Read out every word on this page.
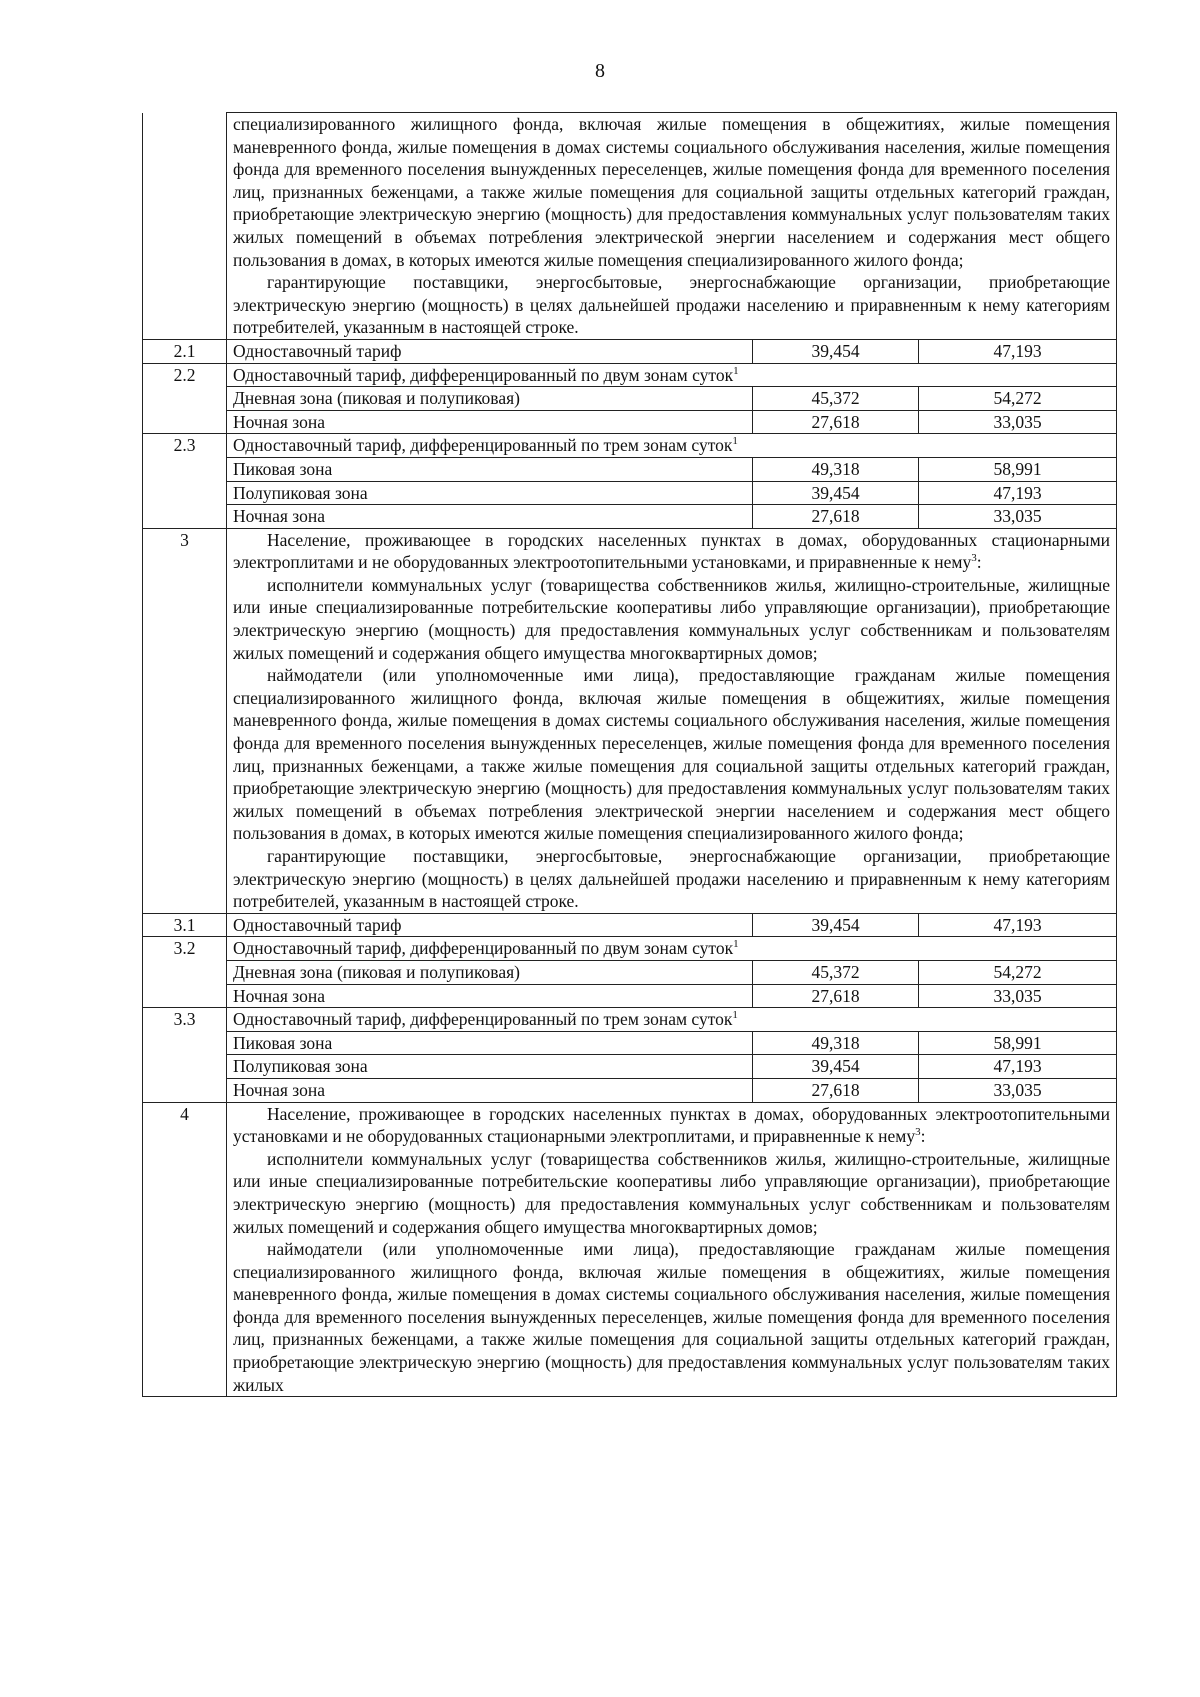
8

	специализированного жилищного фонда, включая жилые помещения в общежитиях, жилые помещения маневренного фонда, жилые помещения в домах системы социального обслуживания населения, жилые помещения фонда для временного поселения вынужденных переселенцев, жилые помещения фонда для временного поселения лиц, признанных беженцами, а также жилые помещения для социальной защиты отдельных категорий граждан, приобретающие электрическую энергию (мощность) для предоставления коммунальных услуг пользователям таких жилых помещений в объемах потребления электрической энергии населением и содержания мест общего пользования в домах, в которых имеются жилые помещения специализированного жилого фонда;

гарантирующие поставщики, энергосбытовые, энергоснабжающие организации, приобретающие электрическую энергию (мощность) в целях дальнейшей продажи населению и приравненным к нему категориям потребителей, указанным в настоящей строке.		

2.1	Одноставочный тариф	39,454	47,193
2.2	Одноставочный тариф, дифференцированный по двум зонам суток$^1$
	Дневная зона (пиковая и полупиковая)	45,372	54,272
	Ночная зона	27,618	33,035
2.3	Одноставочный тариф, дифференцированный по трем зонам суток$^1$
	Пиковая зона	49,318	58,991
	Полупиковая зона	39,454	47,193
	Ночная зона	27,618	33,035
3	Население, проживающее в городских населенных пунктах в домах, оборудованных стационарными электроплитами и не оборудованных электроотопительными установками, и приравненные к нему$^3$:

исполнители коммунальных услуг (товарищества собственников жилья, жилищно-строительные, жилищные или иные специализированные потребительские кооперативы либо управляющие организации), приобретающие электрическую энергию (мощность) для предоставления коммунальных услуг собственникам и пользователям жилых помещений и содержания общего имущества многоквартирных домов;

наймодатели (или уполномоченные ими лица), предоставляющие гражданам жилые помещения специализированного жилищного фонда, включая жилые помещения в общежитиях, жилые помещения маневренного фонда, жилые помещения в домах системы социального обслуживания населения, жилые помещения фонда для временного поселения вынужденных переселенцев, жилые помещения фонда для временного поселения лиц, признанных беженцами, а также жилые помещения для социальной защиты отдельных категорий граждан, приобретающие электрическую энергию (мощность) для предоставления коммунальных услуг пользователям таких жилых помещений в объемах потребления электрической энергии населением и содержания мест общего пользования в домах, в которых имеются жилые помещения специализированного жилого фонда;

гарантирующие поставщики, энергосбытовые, энергоснабжающие организации, приобретающие электрическую энергию (мощность) в целях дальнейшей продажи населению и приравненным к нему категориям потребителей, указанным в настоящей строке.		

3.1	Одноставочный тариф	39,454	47,193
3.2	Одноставочный тариф, дифференцированный по двум зонам суток$^1$
	Дневная зона (пиковая и полупиковая)	45,372	54,272
	Ночная зона	27,618	33,035
3.3	Одноставочный тариф, дифференцированный по трем зонам суток$^1$
	Пиковая зона	49,318	58,991
	Полупиковая зона	39,454	47,193
	Ночная зона	27,618	33,035
4	Население, проживающее в городских населенных пунктах в домах, оборудованных электроотопительными установками и не оборудованных стационарными электроплитами, и приравненные к нему$^3$:

исполнители коммунальных услуг (товарищества собственников жилья, жилищно-строительные, жилищные или иные специализированные потребительские кооперативы либо управляющие организации), приобретающие электрическую энергию (мощность) для предоставления коммунальных услуг собственникам и пользователям жилых помещений и содержания общего имущества многоквартирных домов;

наймодатели (или уполномоченные ими лица), предоставляющие гражданам жилые помещения специализированного жилищного фонда, включая жилые помещения в общежитиях, жилые помещения маневренного фонда, жилые помещения в домах системы социального обслуживания населения, жилые помещения фонда для временного поселения вынужденных переселенцев, жилые помещения фонда для временного поселения лиц, признанных беженцами, а также жилые помещения для социальной защиты отдельных категорий граждан, приобретающие электрическую энергию (мощность) для предоставления коммунальных услуг пользователям таких жилых		
